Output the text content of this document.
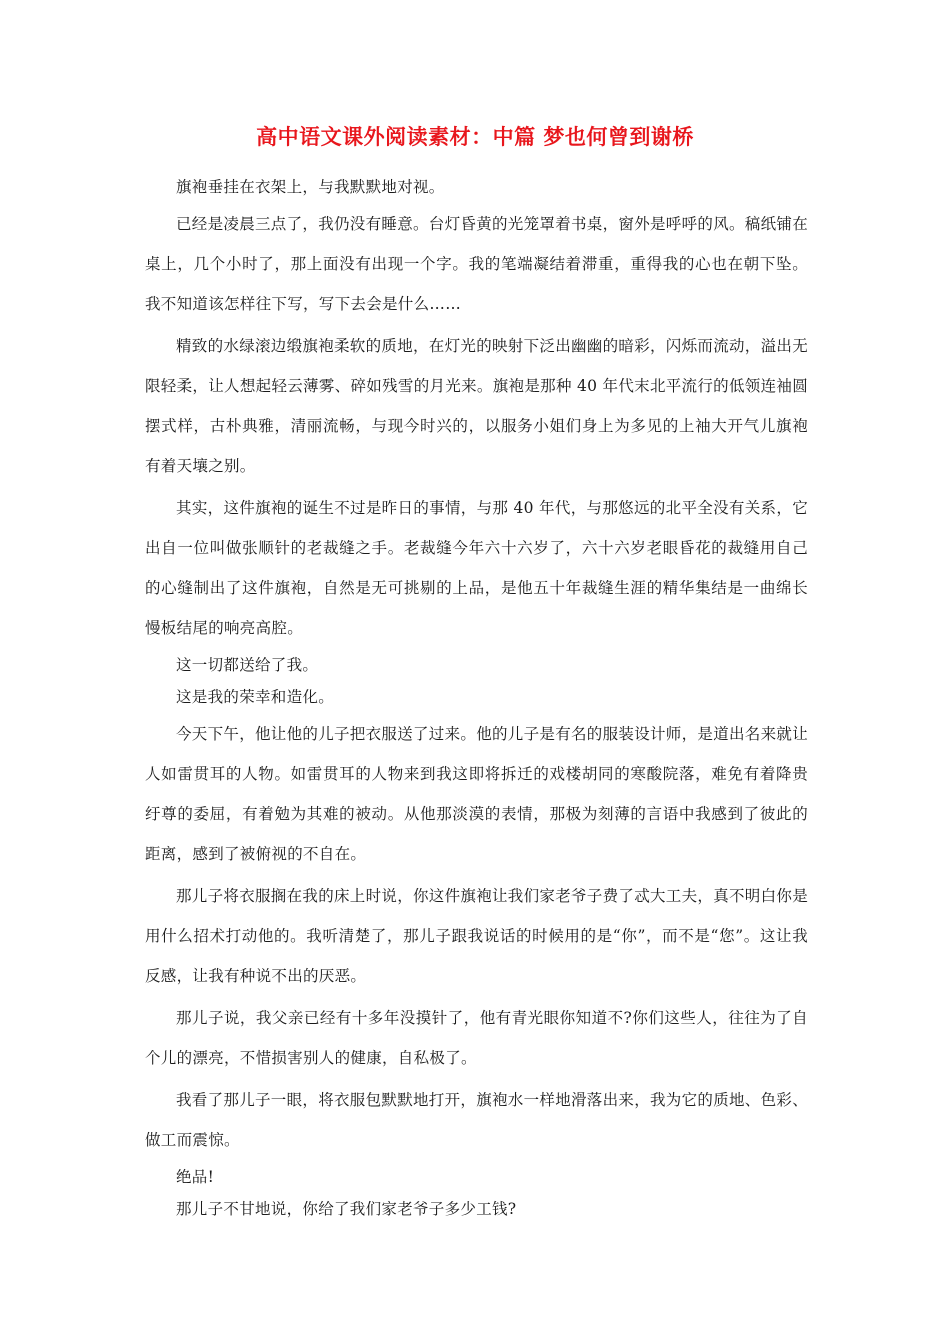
高中语文课外阅读素材：中篇 梦也何曾到谢桥

旗袍垂挂在衣架上，与我默默地对视。

已经是凌晨三点了，我仍没有睡意。台灯昏黄的光笼罩着书桌，窗外是呼呼的风。稿纸铺在桌上，几个小时了，那上面没有出现一个字。我的笔端凝结着滞重，重得我的心也在朝下坠。我不知道该怎样往下写，写下去会是什么……

精致的水绿滚边缎旗袍柔软的质地，在灯光的映射下泛出幽幽的暗彩，闪烁而流动，溢出无限轻柔，让人想起轻云薄雾、碎如残雪的月光来。旗袍是那种 40 年代末北平流行的低领连袖圆摆式样，古朴典雅，清丽流畅，与现今时兴的，以服务小姐们身上为多见的上袖大开气儿旗袍有着天壤之别。

其实，这件旗袍的诞生不过是昨日的事情，与那 40 年代，与那悠远的北平全没有关系，它出自一位叫做张顺针的老裁缝之手。老裁缝今年六十六岁了，六十六岁老眼昏花的裁缝用自己的心缝制出了这件旗袍，自然是无可挑剔的上品，是他五十年裁缝生涯的精华集结是一曲绵长慢板结尾的响亮高腔。

这一切都送给了我。

这是我的荣幸和造化。

今天下午，他让他的儿子把衣服送了过来。他的儿子是有名的服装设计师，是道出名来就让人如雷贯耳的人物。如雷贯耳的人物来到我这即将拆迁的戏楼胡同的寒酸院落，难免有着降贵纡尊的委屈，有着勉为其难的被动。从他那淡漠的表情，那极为刻薄的言语中我感到了彼此的距离，感到了被俯视的不自在。

那儿子将衣服搁在我的床上时说，你这件旗袍让我们家老爷子费了忒大工夫，真不明白你是用什么招术打动他的。我听清楚了，那儿子跟我说话的时候用的是“你”，而不是“您”。这让我反感，让我有种说不出的厌恶。

那儿子说，我父亲已经有十多年没摸针了，他有青光眼你知道不?你们这些人，往往为了自个儿的漂亮，不惜损害别人的健康，自私极了。

我看了那儿子一眼，将衣服包默默地打开，旗袍水一样地滑落出来，我为它的质地、色彩、做工而震惊。

绝品!

那儿子不甘地说，你给了我们家老爷子多少工钱?
